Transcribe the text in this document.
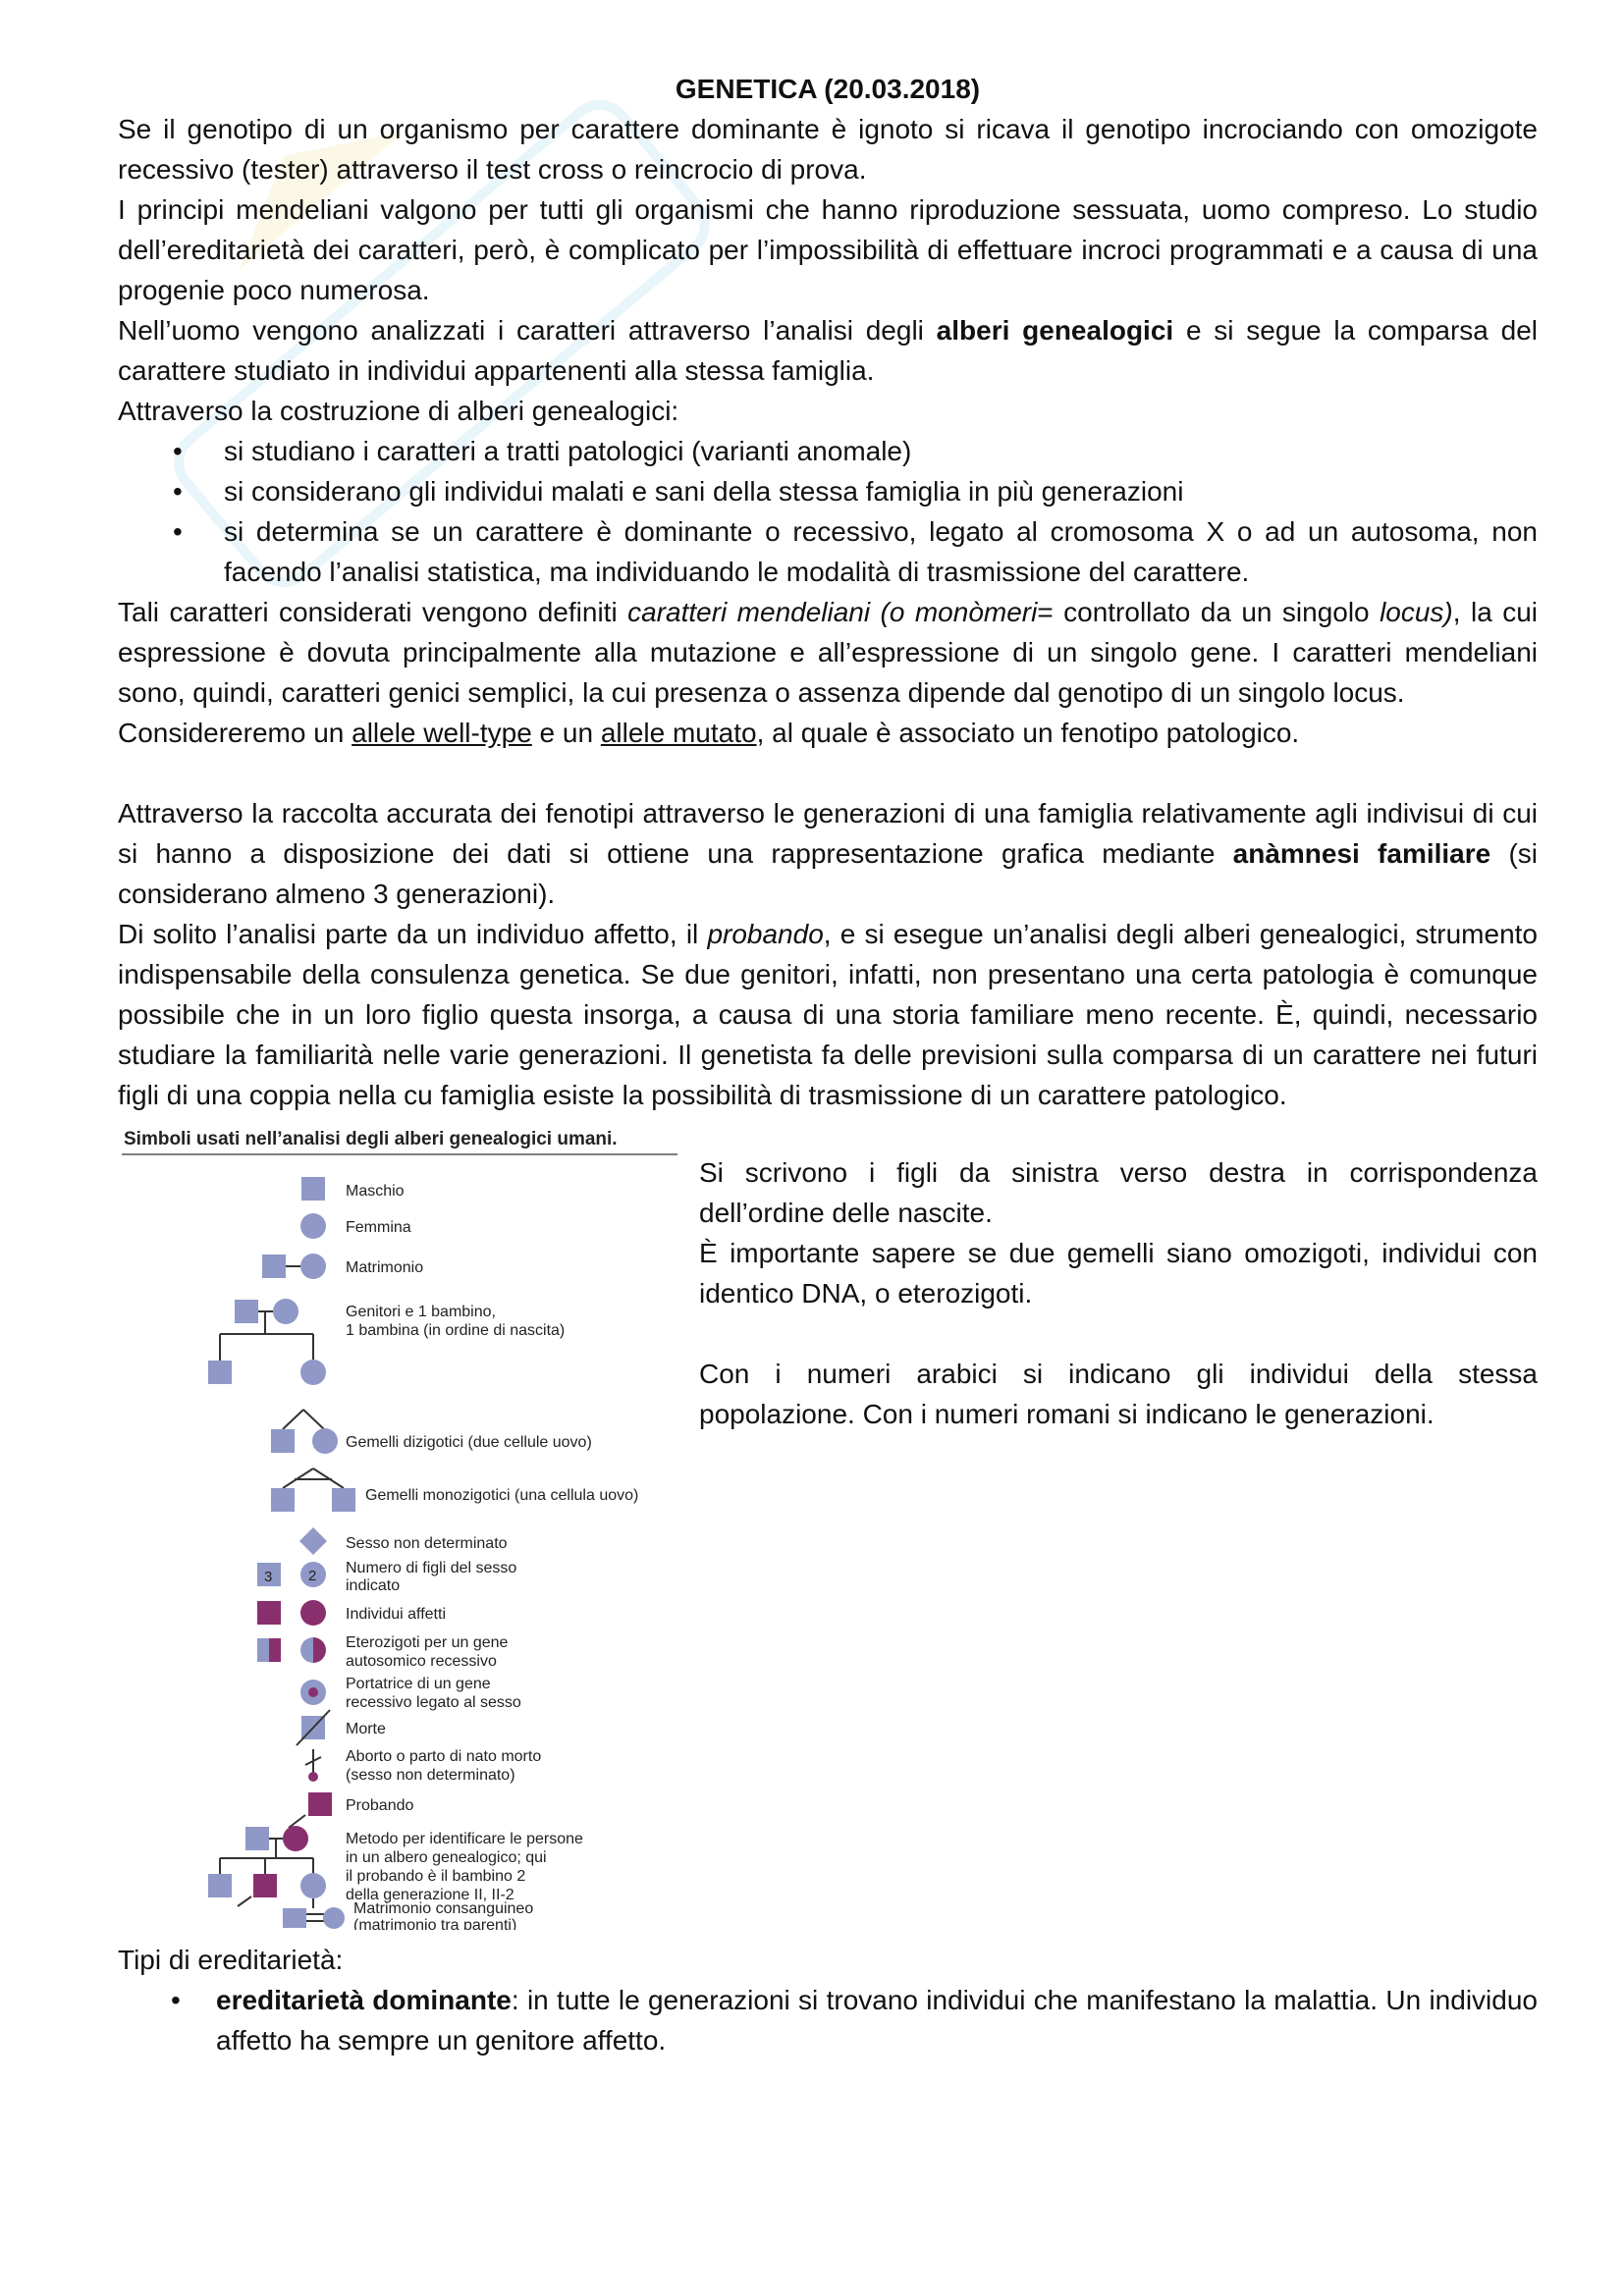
GENETICA (20.03.2018)

Se il genotipo di un organismo per carattere dominante è ignoto si ricava il genotipo incrociando con omozigote recessivo (tester) attraverso il test cross o reincrocio di prova.

I principi mendeliani valgono per tutti gli organismi che hanno riproduzione sessuata, uomo compreso. Lo studio dell’ereditarietà dei caratteri, però, è complicato per l’impossibilità di effettuare incroci programmati e a causa di una progenie poco numerosa.

Nell’uomo vengono analizzati i caratteri attraverso l’analisi degli alberi genealogici e si segue la comparsa del carattere studiato in individui appartenenti alla stessa famiglia.

Attraverso la costruzione di alberi genealogici:

• si studiano i caratteri a tratti patologici (varianti anomale)
• si considerano gli individui malati e sani della stessa famiglia in più generazioni
• si determina se un carattere è dominante o recessivo, legato al cromosoma X o ad un autosoma, non facendo l’analisi statistica, ma individuando le modalità di trasmissione del carattere.

Tali caratteri considerati vengono definiti caratteri mendeliani (o monòmeri= controllato da un singolo locus), la cui espressione è dovuta principalmente alla mutazione e all’espressione di un singolo gene. I caratteri mendeliani sono, quindi, caratteri genici semplici, la cui presenza o assenza dipende dal genotipo di un singolo locus.

Considereremo un allele well-type e un allele mutato, al quale è associato un fenotipo patologico.

Attraverso la raccolta accurata dei fenotipi attraverso le generazioni di una famiglia relativamente agli indivisui di cui si hanno a disposizione dei dati si ottiene una rappresentazione grafica mediante anàmnesi familiare (si considerano almeno 3 generazioni).

Di solito l’analisi parte da un individuo affetto, il probando, e si esegue un’analisi degli alberi genealogici, strumento indispensabile della consulenza genetica. Se due genitori, infatti, non presentano una certa patologia è comunque possibile che in un loro figlio questa insorga, a causa di una storia familiare meno recente. È, quindi, necessario studiare la familiarità nelle varie generazioni. Il genetista fa delle previsioni sulla comparsa di un carattere nei futuri figli di una coppia nella cu famiglia esiste la possibilità di trasmissione di un carattere patologico.

Simboli usati nell’analisi degli alberi genealogici umani.
Maschio
Femmina
Matrimonio
Genitori e 1 bambino,
1 bambina (in ordine di nascita)
Gemelli dizigotici (due cellule uovo)
Gemelli monozigotici (una cellula uovo)
Sesso non determinato
3 2 Numero di figli del sesso
indicato
Individui affetti
Eterozigoti per un gene
autosomico recessivo
Portatrice di un gene
recessivo legato al sesso
Morte
Aborto o parto di nato morto
(sesso non determinato)
Probando
Metodo per identificare le persone
in un albero genealogico; qui
il probando è il bambino 2
della generazione II, II-2
Matrimonio consanguineo
(matrimonio tra parenti)

Si scrivono i figli da sinistra verso destra in corrispondenza dell’ordine delle nascite.

È importante sapere se due gemelli siano omozigoti, individui con identico DNA, o eterozigoti.

Con i numeri arabici si indicano gli individui della stessa popolazione. Con i numeri romani si indicano le generazioni.

Tipi di ereditarietà:

• ereditarietà dominante: in tutte le generazioni si trovano individui che manifestano la malattia. Un individuo affetto ha sempre un genitore affetto.
